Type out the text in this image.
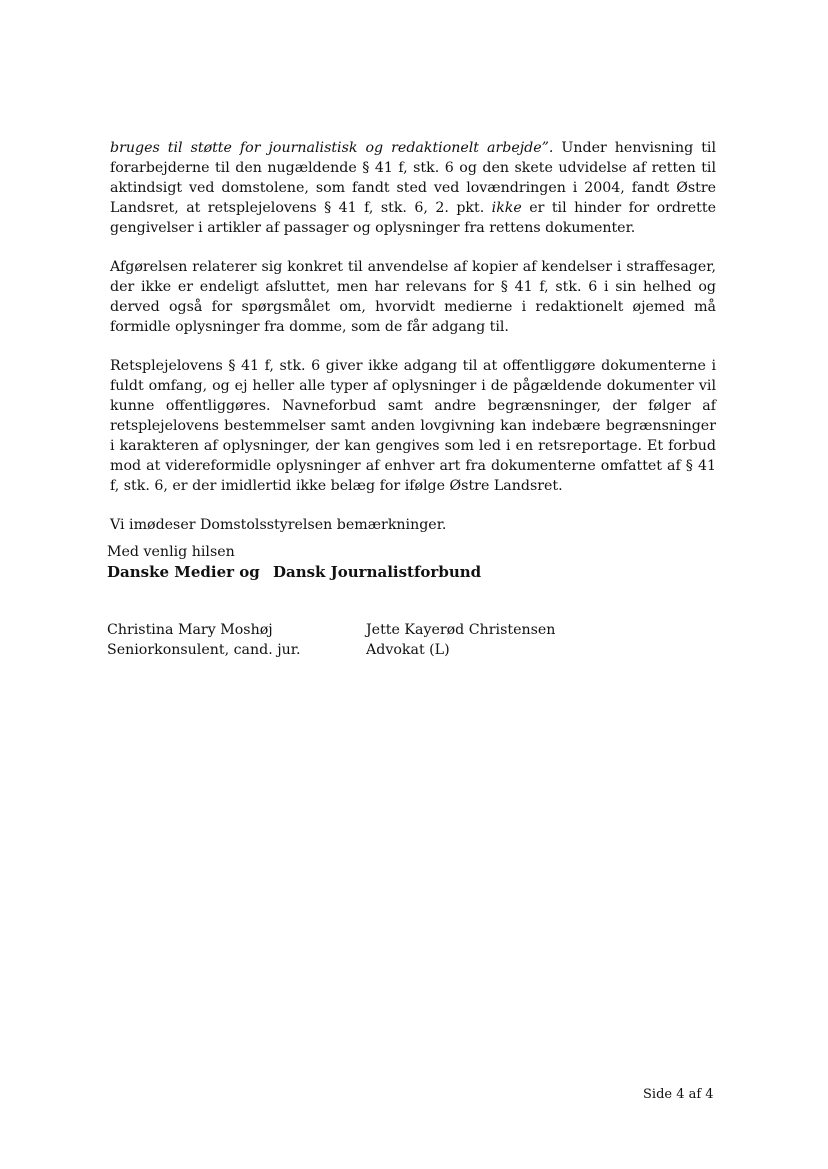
bruges til støtte for journalistisk og redaktionelt arbejde”. Under henvisning til forarbejderne til den nugældende § 41 f, stk. 6 og den skete udvidelse af retten til aktindsigt ved domstolene, som fandt sted ved lovændringen i 2004, fandt Østre Landsret, at retsplejelovens § 41 f, stk. 6, 2. pkt. ikke er til hinder for ordrette gengivelser i artikler af passager og oplysninger fra rettens dokumenter.

Afgørelsen relaterer sig konkret til anvendelse af kopier af kendelser i straffesager, der ikke er endeligt afsluttet, men har relevans for § 41 f, stk. 6 i sin helhed og derved også for spørgsmålet om, hvorvidt medierne i redaktionelt øjemed må formidle oplysninger fra domme, som de får adgang til.

Retsplejelovens § 41 f, stk. 6 giver ikke adgang til at offentliggøre dokumenterne i fuldt omfang, og ej heller alle typer af oplysninger i de pågældende dokumenter vil kunne offentliggøres. Navneforbud samt andre begrænsninger, der følger af retsplejelovens bestemmelser samt anden lovgivning kan indebære begrænsninger i karakteren af oplysninger, der kan gengives som led i en retsreportage. Et forbud mod at videreformidle oplysninger af enhver art fra dokumenterne omfattet af § 41 f, stk. 6, er der imidlertid ikke belæg for ifølge Østre Landsret.

Vi imødeser Domstolsstyrelsen bemærkninger.

Med venlig hilsen
Danske Medier og Dansk Journalistforbund
Christina Mary Moshøj
Seniorkonsulent, cand. jur.
Jette Kayerød Christensen
Advokat (L)
Side 4 af 4
